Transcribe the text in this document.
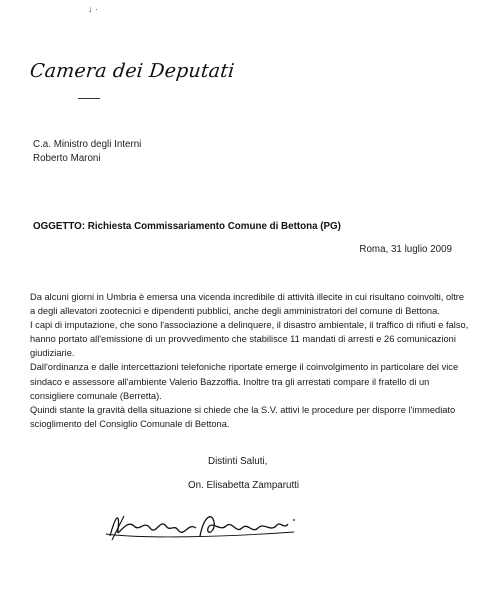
↓ ·
Camera dei Deputati
C.a. Ministro degli Interni
Roberto Maroni
OGGETTO: Richiesta Commissariamento Comune di Bettona (PG)
Roma, 31 luglio 2009
Da alcuni giorni in Umbria è emersa una vicenda incredibile di attività illecite in cui risultano coinvolti, oltre
a degli allevatori zootecnici e dipendenti pubblici, anche degli amministratori del comune di Bettona.
I capi di imputazione, che sono l'associazione a delinquere, il disastro ambientale, il traffico di rifiuti e falso,
hanno portato all'emissione di un provvedimento che stabilisce 11 mandati di arresti e 26 comunicazioni
giudiziarie.
Dall'ordinanza e dalle intercettazioni telefoniche riportate emerge il coinvolgimento in particolare del vice
sindaco e assessore all'ambiente Valerio Bazzoffia. Inoltre tra gli arrestati compare il fratello di un
consigliere comunale (Berretta).
Quindi stante la gravità della situazione si chiede che la S.V. attivi le procedure per disporre l'immediato
scioglimento del Consiglio Comunale di Bettona.
Distinti Saluti,
On. Elisabetta Zamparutti
